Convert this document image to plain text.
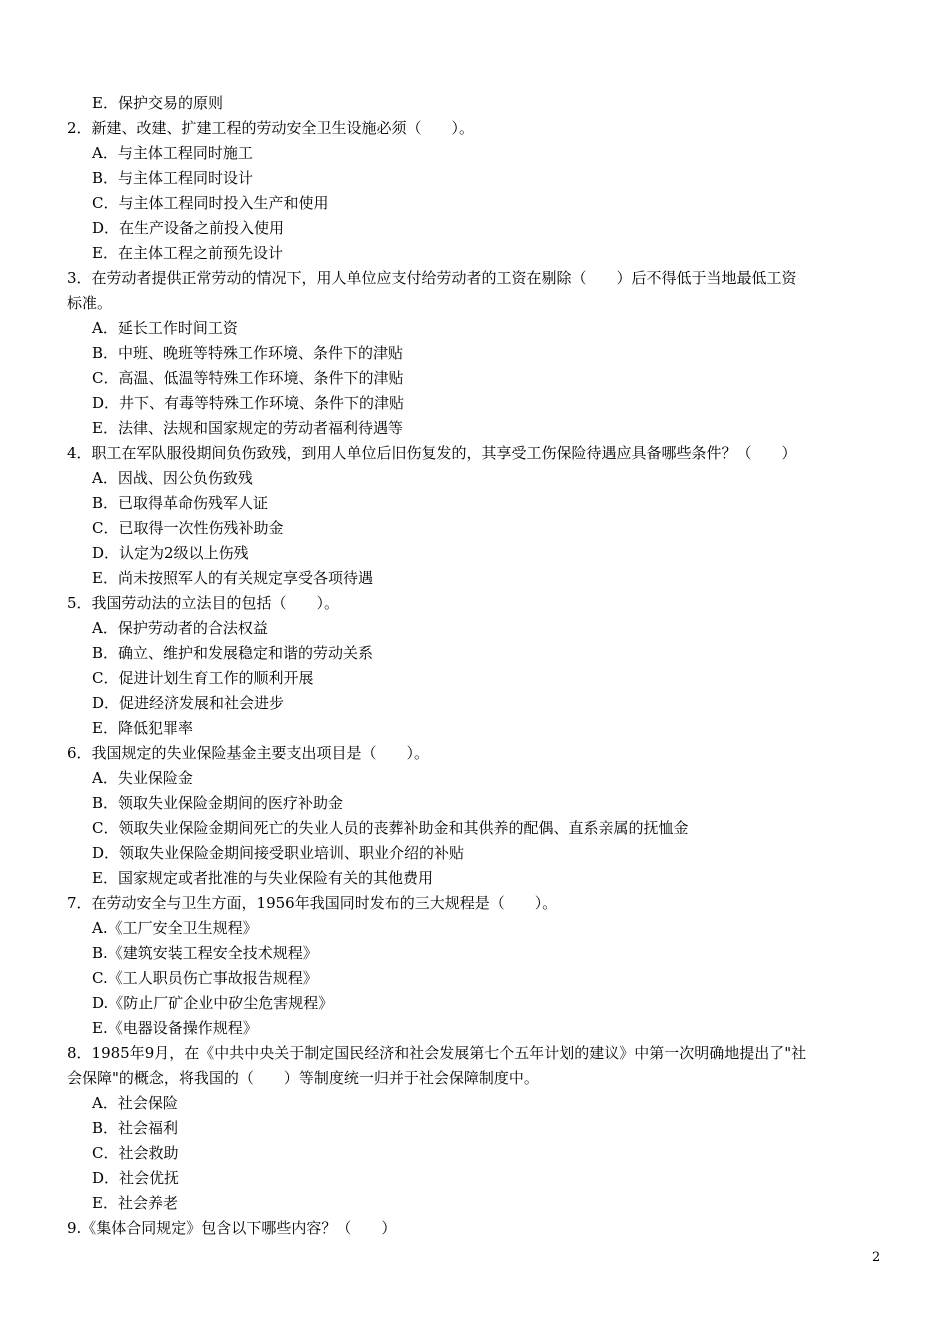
E．保护交易的原则
2．新建、改建、扩建工程的劳动安全卫生设施必须（　　）。
A．与主体工程同时施工
B．与主体工程同时设计
C．与主体工程同时投入生产和使用
D．在生产设备之前投入使用
E．在主体工程之前预先设计
3．在劳动者提供正常劳动的情况下，用人单位应支付给劳动者的工资在剔除（　　）后不得低于当地最低工资
标准。
A．延长工作时间工资
B．中班、晚班等特殊工作环境、条件下的津贴
C．高温、低温等特殊工作环境、条件下的津贴
D．井下、有毒等特殊工作环境、条件下的津贴
E．法律、法规和国家规定的劳动者福利待遇等
4．职工在军队服役期间负伤致残，到用人单位后旧伤复发的，其享受工伤保险待遇应具备哪些条件？（　　）
A．因战、因公负伤致残
B．已取得革命伤残军人证
C．已取得一次性伤残补助金
D．认定为2级以上伤残
E．尚未按照军人的有关规定享受各项待遇
5．我国劳动法的立法目的包括（　　）。
A．保护劳动者的合法权益
B．确立、维护和发展稳定和谐的劳动关系
C．促进计划生育工作的顺利开展
D．促进经济发展和社会进步
E．降低犯罪率
6．我国规定的失业保险基金主要支出项目是（　　）。
A．失业保险金
B．领取失业保险金期间的医疗补助金
C．领取失业保险金期间死亡的失业人员的丧葬补助金和其供养的配偶、直系亲属的抚恤金
D．领取失业保险金期间接受职业培训、职业介绍的补贴
E．国家规定或者批准的与失业保险有关的其他费用
7．在劳动安全与卫生方面，1956年我国同时发布的三大规程是（　　）。
A.《工厂安全卫生规程》
B.《建筑安装工程安全技术规程》
C.《工人职员伤亡事故报告规程》
D.《防止厂矿企业中矽尘危害规程》
E.《电器设备操作规程》
8．1985年9月，在《中共中央关于制定国民经济和社会发展第七个五年计划的建议》中第一次明确地提出了"社
会保障"的概念，将我国的（　　）等制度统一归并于社会保障制度中。
A．社会保险
B．社会福利
C．社会救助
D．社会优抚
E．社会养老
9.《集体合同规定》包含以下哪些内容？（　　）
2
